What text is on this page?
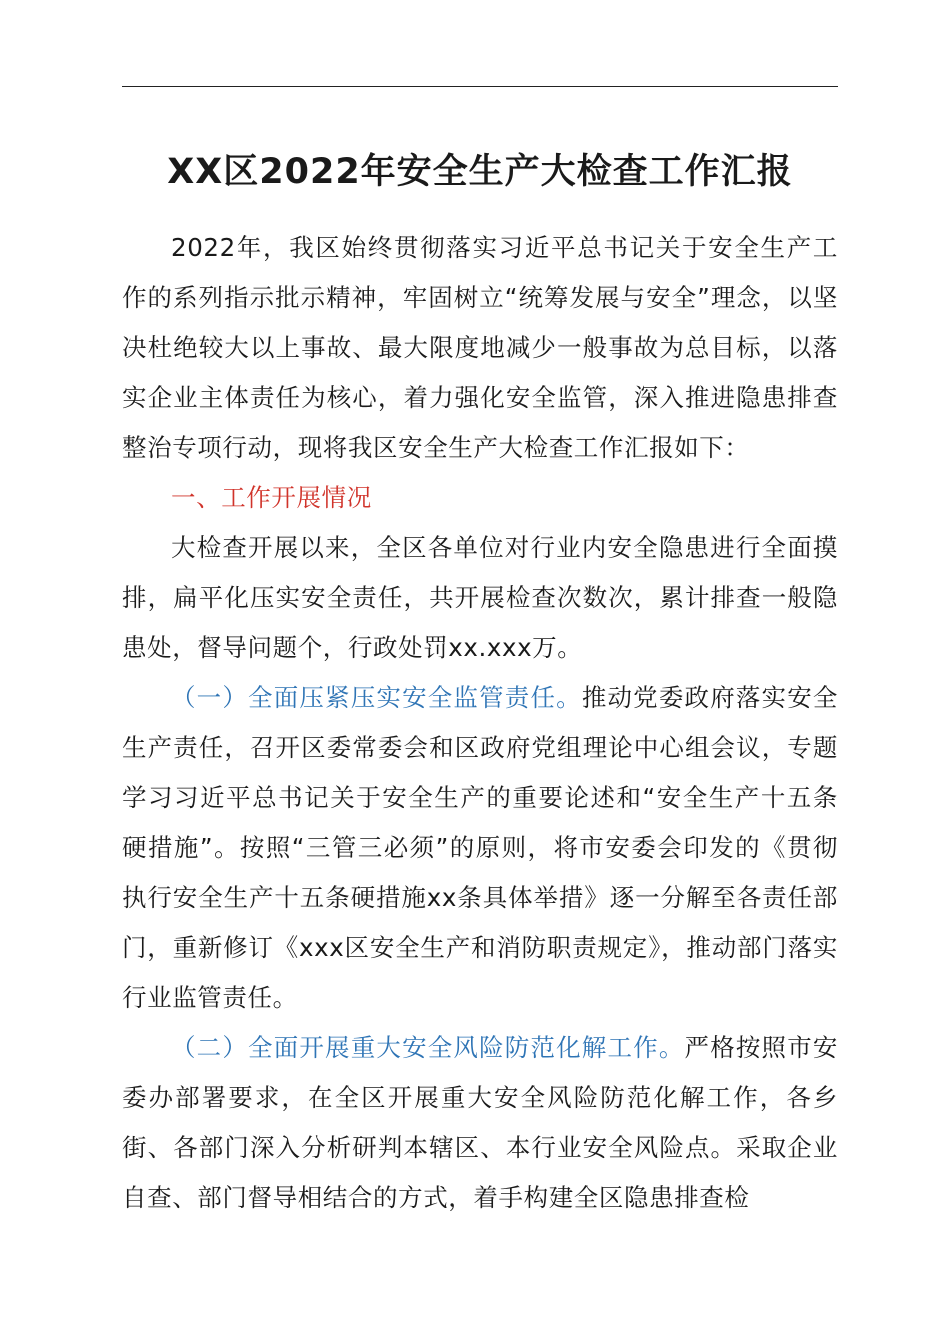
XX区2022年安全生产大检查工作汇报

2022年，我区始终贯彻落实习近平总书记关于安全生产工作的系列指示批示精神，牢固树立“统筹发展与安全”理念，以坚决杜绝较大以上事故、最大限度地减少一般事故为总目标，以落实企业主体责任为核心，着力强化安全监管，深入推进隐患排查整治专项行动，现将我区安全生产大检查工作汇报如下：

一、工作开展情况

大检查开展以来，全区各单位对行业内安全隐患进行全面摸排，扁平化压实安全责任，共开展检查次数次，累计排查一般隐患处，督导问题个，行政处罚xx.xxx万。

（一）全面压紧压实安全监管责任。推动党委政府落实安全生产责任，召开区委常委会和区政府党组理论中心组会议，专题学习习近平总书记关于安全生产的重要论述和“安全生产十五条硬措施”。按照“三管三必须”的原则，将市安委会印发的《贯彻执行安全生产十五条硬措施xx条具体举措》逐一分解至各责任部门，重新修订《xxx区安全生产和消防职责规定》，推动部门落实行业监管责任。

（二）全面开展重大安全风险防范化解工作。严格按照市安委办部署要求，在全区开展重大安全风险防范化解工作，各乡街、各部门深入分析研判本辖区、本行业安全风险点。采取企业自查、部门督导相结合的方式，着手构建全区隐患排查检
